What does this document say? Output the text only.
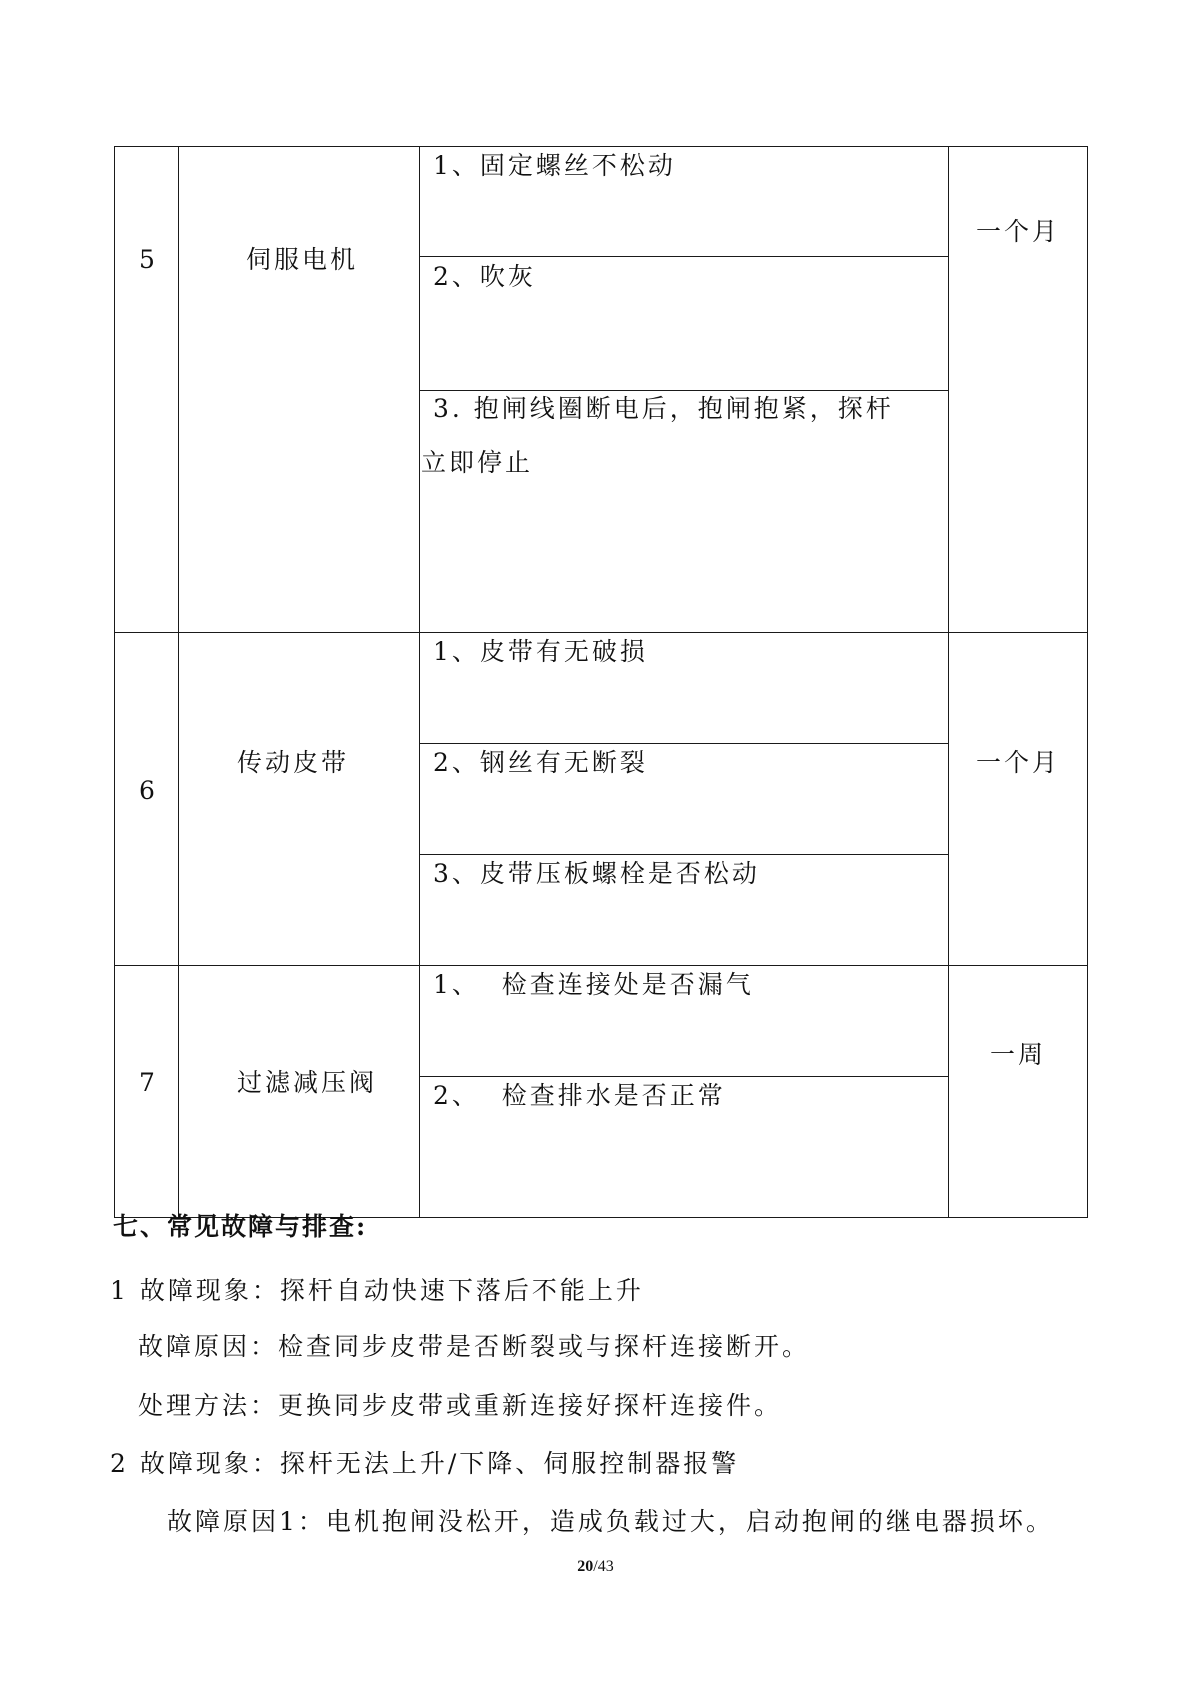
5	伺服电机
1、固定螺丝不松动
2、吹灰
3. 抱闸线圈断电后，抱闸抱紧，探杆立即停止
一个月
6
传动皮带
1、皮带有无破损
2、钢丝有无断裂
3、皮带压板螺栓是否松动
一个月
7	过滤减压阀
1、  检查连接处是否漏气
2、  检查排水是否正常
一周
七、常见故障与排查:
1 故障现象：探杆自动快速下落后不能上升
故障原因：检查同步皮带是否断裂或与探杆连接断开。
处理方法：更换同步皮带或重新连接好探杆连接件。
2 故障现象：探杆无法上升/下降、伺服控制器报警
故障原因1：电机抱闸没松开，造成负载过大，启动抱闸的继电器损坏。
20/43
